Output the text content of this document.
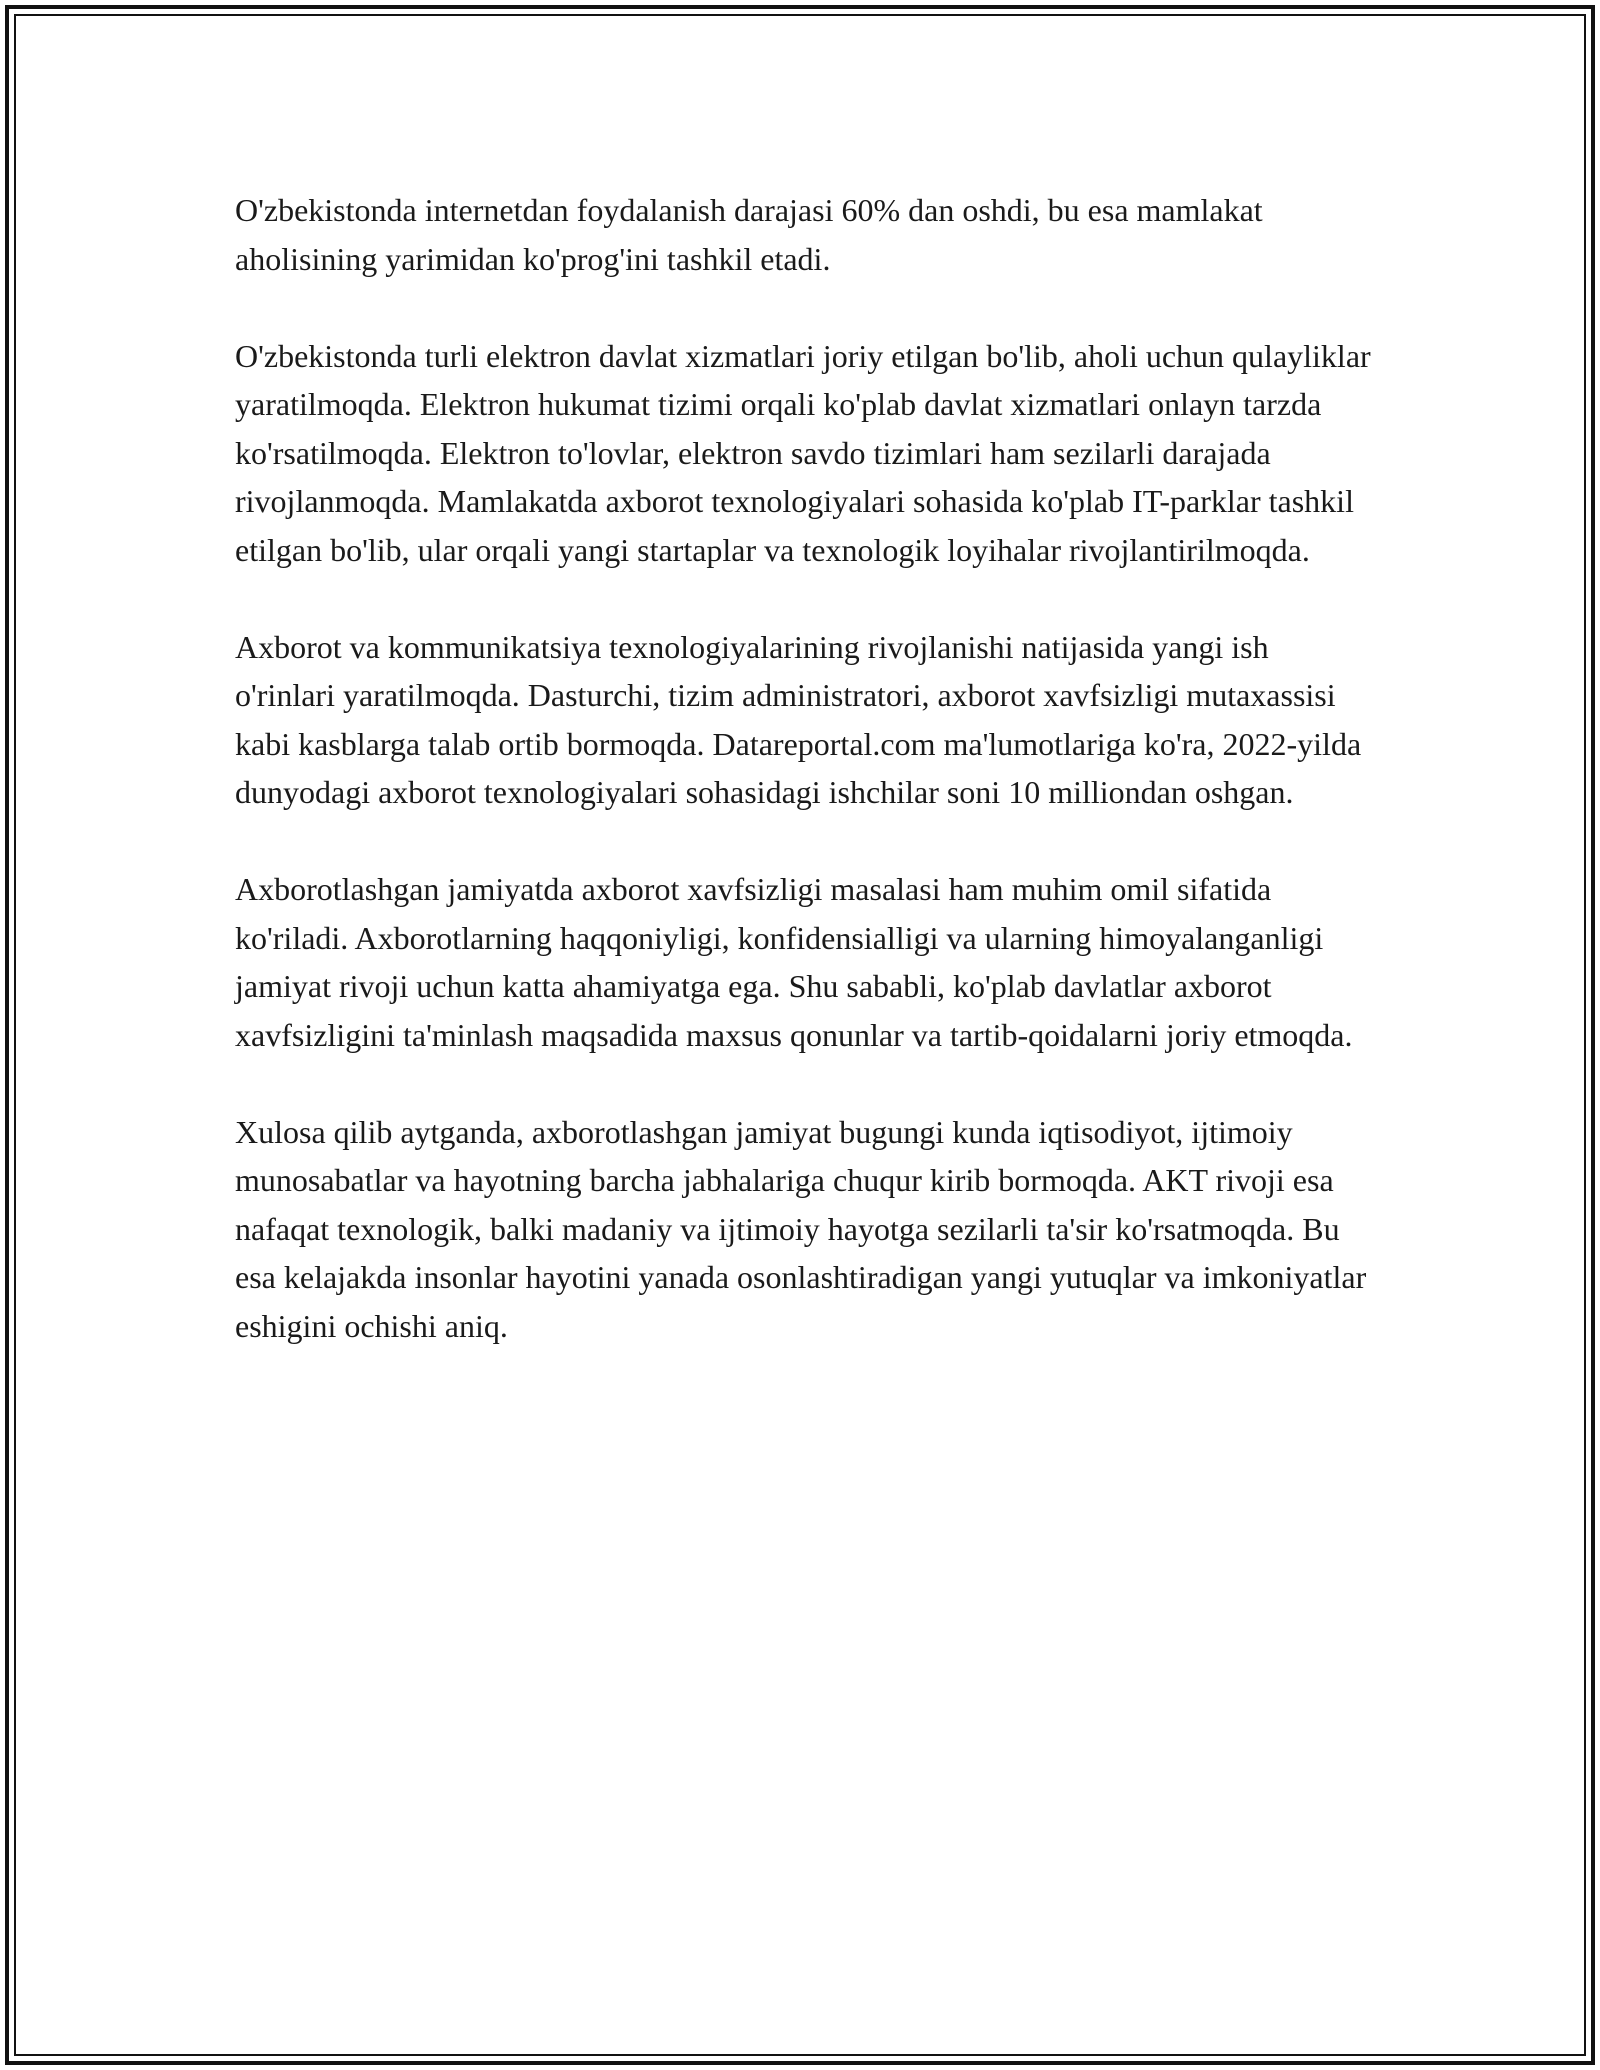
O'zbekistonda internetdan foydalanish darajasi 60% dan oshdi, bu esa mamlakat aholisining yarimidan ko'prog'ini tashkil etadi.

O'zbekistonda turli elektron davlat xizmatlari joriy etilgan bo'lib, aholi uchun qulayliklar yaratilmoqda. Elektron hukumat tizimi orqali ko'plab davlat xizmatlari onlayn tarzda ko'rsatilmoqda. Elektron to'lovlar, elektron savdo tizimlari ham sezilarli darajada rivojlanmoqda. Mamlakatda axborot texnologiyalari sohasida ko'plab IT-parklar tashkil etilgan bo'lib, ular orqali yangi startaplar va texnologik loyihalar rivojlantirilmoqda.

Axborot va kommunikatsiya texnologiyalarining rivojlanishi natijasida yangi ish o'rinlari yaratilmoqda. Dasturchi, tizim administratori, axborot xavfsizligi mutaxassisi kabi kasblarga talab ortib bormoqda. Datareportal.com ma'lumotlariga ko'ra, 2022-yilda dunyodagi axborot texnologiyalari sohasidagi ishchilar soni 10 milliondan oshgan.

Axborotlashgan jamiyatda axborot xavfsizligi masalasi ham muhim omil sifatida ko'riladi. Axborotlarning haqqoniyligi, konfidensialligi va ularning himoyalanganligi jamiyat rivoji uchun katta ahamiyatga ega. Shu sababli, ko'plab davlatlar axborot xavfsizligini ta'minlash maqsadida maxsus qonunlar va tartib-qoidalarni joriy etmoqda.

Xulosa qilib aytganda, axborotlashgan jamiyat bugungi kunda iqtisodiyot, ijtimoiy munosabatlar va hayotning barcha jabhalariga chuqur kirib bormoqda. AKT rivoji esa nafaqat texnologik, balki madaniy va ijtimoiy hayotga sezilarli ta'sir ko'rsatmoqda. Bu esa kelajakda insonlar hayotini yanada osonlashtiradigan yangi yutuqlar va imkoniyatlar eshigini ochishi aniq.
